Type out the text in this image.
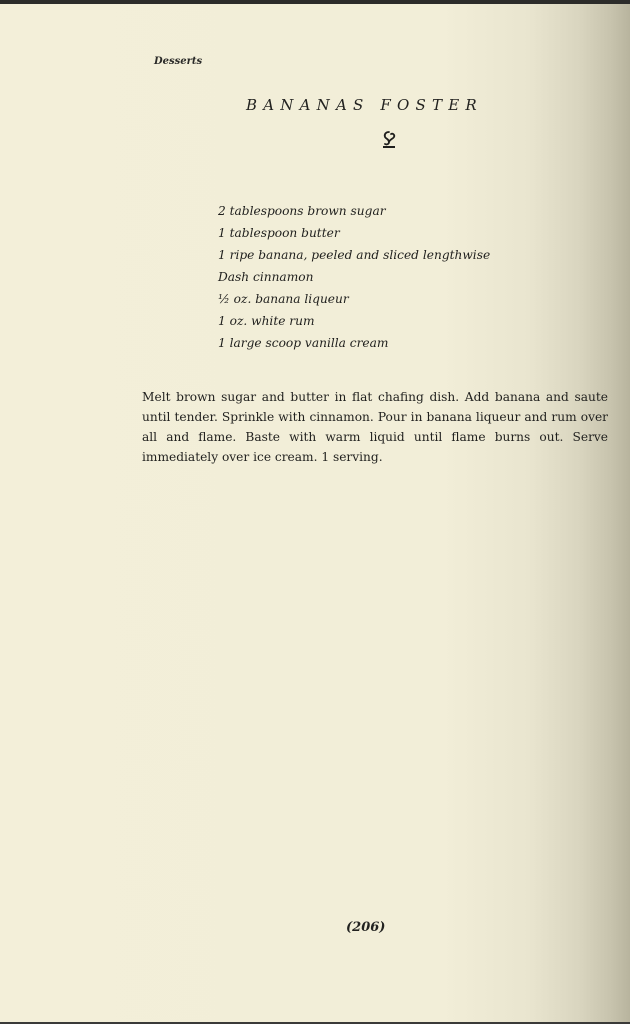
Desserts
BANANAS FOSTER
2 tablespoons brown sugar
1 tablespoon butter
1 ripe banana, peeled and sliced lengthwise
Dash cinnamon
½ oz. banana liqueur
1 oz. white rum
1 large scoop vanilla cream

Melt brown sugar and butter in flat chafing dish. Add banana and saute until tender. Sprinkle with cinnamon. Pour in banana liqueur and rum over all and flame. Baste with warm liquid until flame burns out. Serve immediately over ice cream. 1 serving.

(206)
